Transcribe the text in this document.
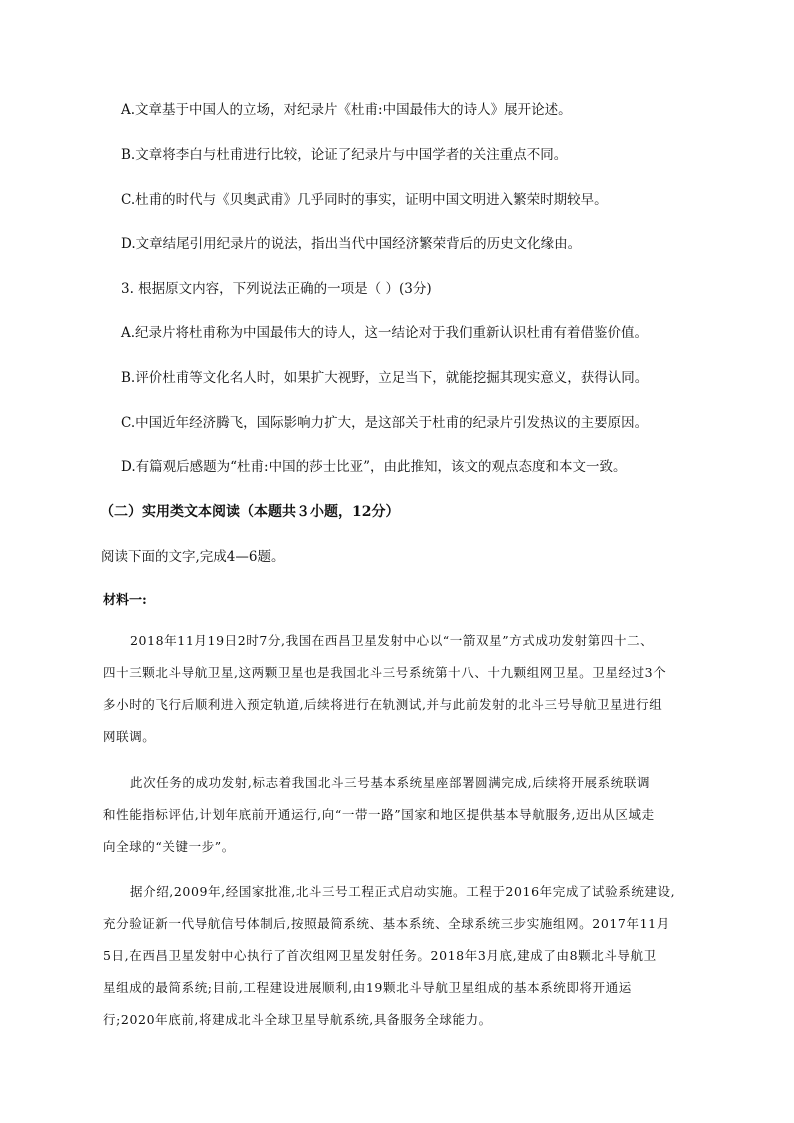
A.文章基于中国人的立场，对纪录片《杜甫:中国最伟大的诗人》展开论述。
B.文章将李白与杜甫进行比较，论证了纪录片与中国学者的关注重点不同。
C.杜甫的时代与《贝奥武甫》几乎同时的事实，证明中国文明进入繁荣时期较早。
D.文章结尾引用纪录片的说法，指出当代中国经济繁荣背后的历史文化缘由。
3. 根据原文内容，下列说法正确的一项是（ ）(3分)
A.纪录片将杜甫称为中国最伟大的诗人，这一结论对于我们重新认识杜甫有着借鉴价值。
B.评价杜甫等文化名人时，如果扩大视野，立足当下，就能挖掘其现实意义，获得认同。
C.中国近年经济腾飞，国际影响力扩大，是这部关于杜甫的纪录片引发热议的主要原因。
D.有篇观后感题为“杜甫:中国的莎士比亚”，由此推知，该文的观点态度和本文一致。
（二）实用类文本阅读（本题共３小题，12分）
阅读下面的文字,完成4—6题。
材料一:
2018年11月19日2时7分,我国在西昌卫星发射中心以“一箭双星”方式成功发射第四十二、
四十三颗北斗导航卫星,这两颗卫星也是我国北斗三号系统第十八、十九颗组网卫星。卫星经过3个
多小时的飞行后顺利进入预定轨道,后续将进行在轨测试,并与此前发射的北斗三号导航卫星进行组
网联调。
此次任务的成功发射,标志着我国北斗三号基本系统星座部署圆满完成,后续将开展系统联调
和性能指标评估,计划年底前开通运行,向“一带一路”国家和地区提供基本导航服务,迈出从区域走
向全球的“关键一步”。
据介绍,2009年,经国家批准,北斗三号工程正式启动实施。工程于2016年完成了试验系统建设,
充分验证新一代导航信号体制后,按照最简系统、基本系统、全球系统三步实施组网。2017年11月
5日,在西昌卫星发射中心执行了首次组网卫星发射任务。2018年3月底,建成了由8颗北斗导航卫
星组成的最简系统;目前,工程建设进展顺利,由19颗北斗导航卫星组成的基本系统即将开通运
行;2020年底前,将建成北斗全球卫星导航系统,具备服务全球能力。
